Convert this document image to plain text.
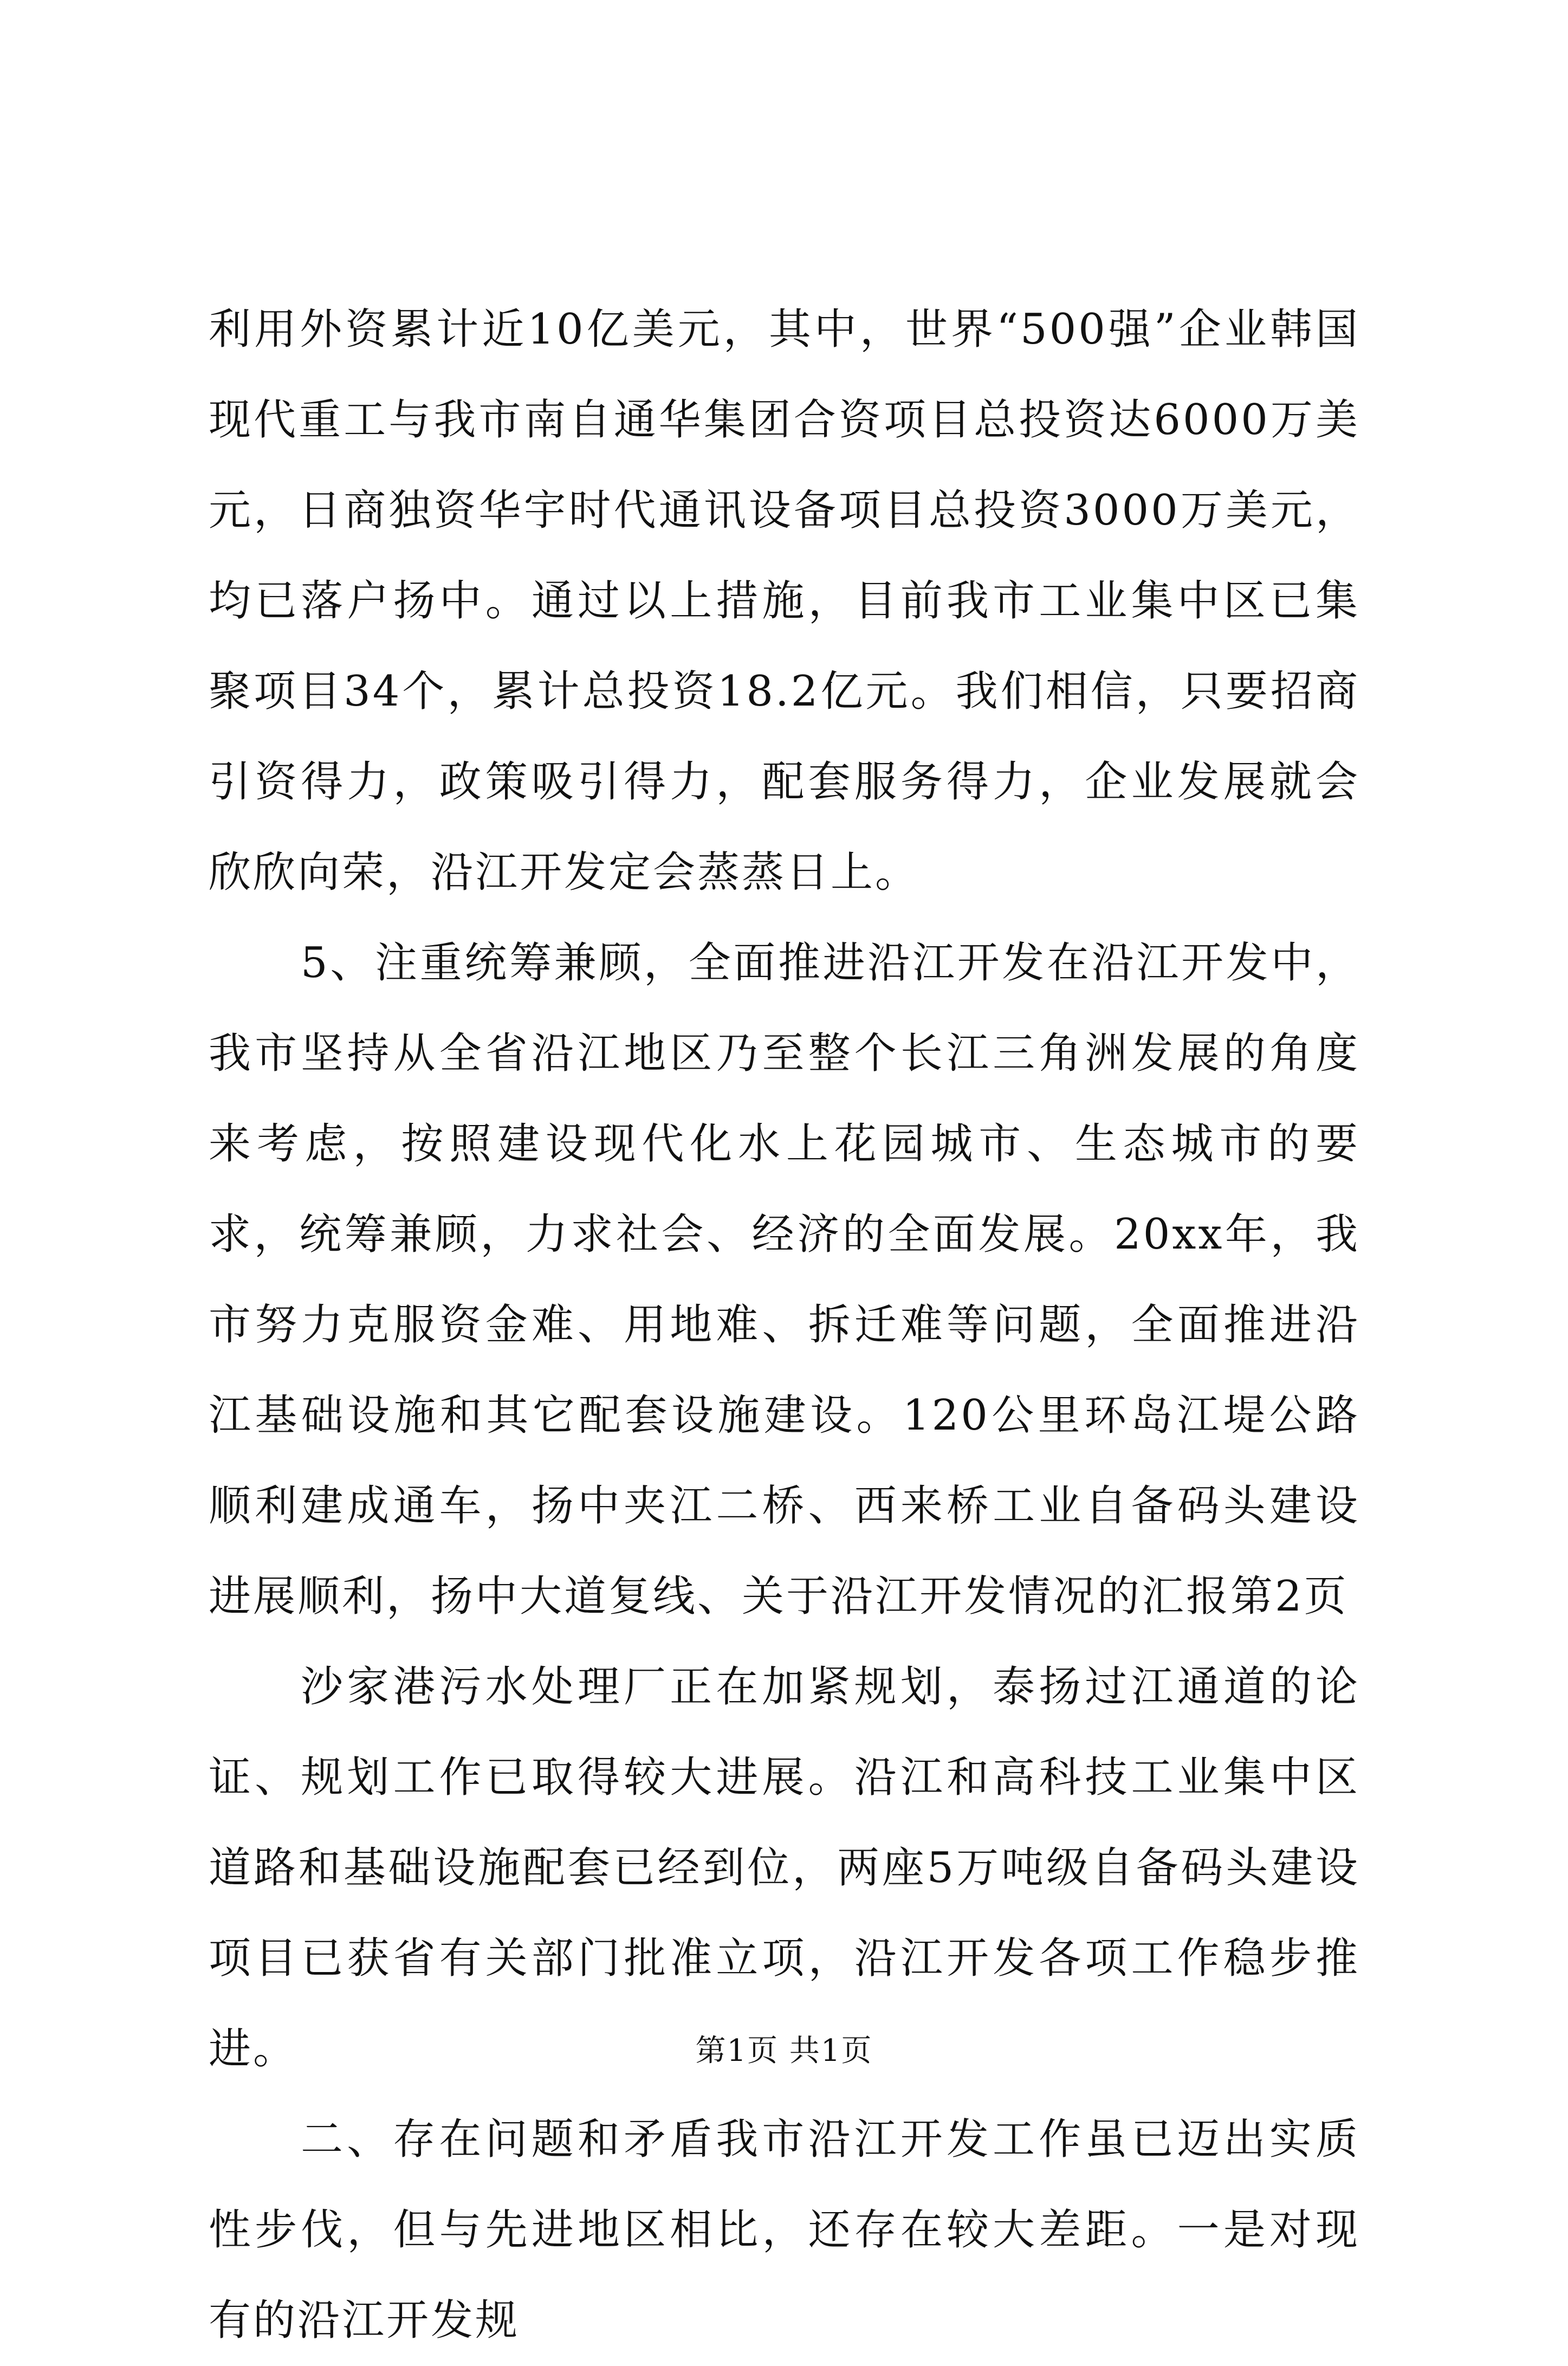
利用外资累计近10亿美元，其中，世界“500强”企业韩国现代重工与我市南自通华集团合资项目总投资达6000万美元，日商独资华宇时代通讯设备项目总投资3000万美元，均已落户扬中。通过以上措施，目前我市工业集中区已集聚项目34个，累计总投资18.2亿元。我们相信，只要招商引资得力，政策吸引得力，配套服务得力，企业发展就会欣欣向荣，沿江开发定会蒸蒸日上。

5、注重统筹兼顾，全面推进沿江开发在沿江开发中，我市坚持从全省沿江地区乃至整个长江三角洲发展的角度来考虑，按照建设现代化水上花园城市、生态城市的要求，统筹兼顾，力求社会、经济的全面发展。20xx年，我市努力克服资金难、用地难、拆迁难等问题，全面推进沿江基础设施和其它配套设施建设。120公里环岛江堤公路顺利建成通车，扬中夹江二桥、西来桥工业自备码头建设进展顺利，扬中大道复线、关于沿江开发情况的汇报第2页

沙家港污水处理厂正在加紧规划，泰扬过江通道的论证、规划工作已取得较大进展。沿江和高科技工业集中区道路和基础设施配套已经到位，两座5万吨级自备码头建设项目已获省有关部门批准立项，沿江开发各项工作稳步推进。

二、存在问题和矛盾我市沿江开发工作虽已迈出实质性步伐，但与先进地区相比，还存在较大差距。一是对现有的沿江开发规

第1页 共1页
